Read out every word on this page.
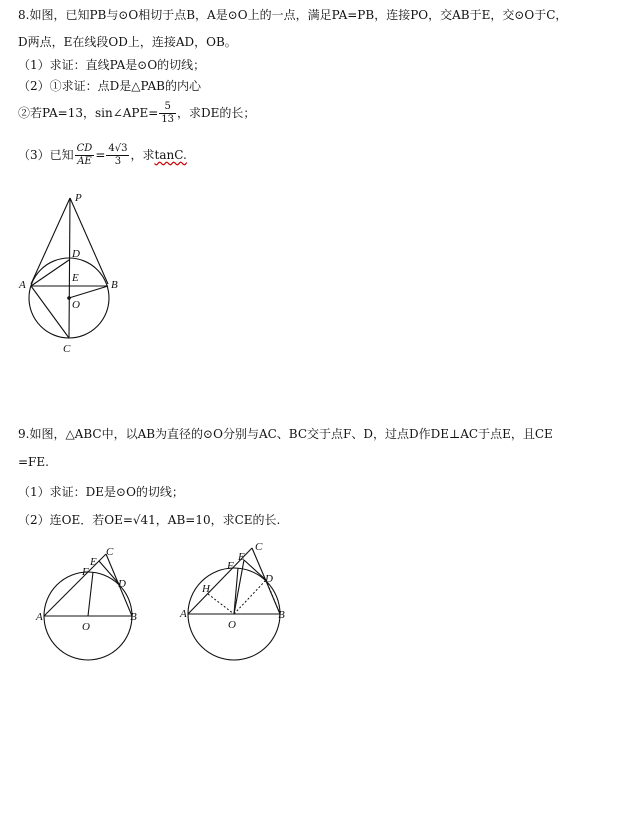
8.如图，已知PB与⊙O相切于点B，A是⊙O上的一点，满足PA=PB，连接PO，交AB于E，交⊙O于C，
D两点，E在线段OD上，连接AD，OB。
（1）求证：直线PA是⊙O的切线；
（2）①求证：点D是△PAB的内心
②若PA=13，sin∠APE= $\frac{5}{13}$ ，求DE的长；
（3）已知 $\frac{CD}{AE} = \frac{4√3}{3}$ ，求tanC.
P
D
E
A	B
O
C
9.如图，△ABC中，以AB为直径的⊙O分别与AC、BC交于点F、D，过点D作DE⊥AC于点E，且CE
=FE.
（1）求证：DE是⊙O的切线；
（2）连OE．若OE=√41，AB=10，求CE的长.
E
C
F
D
A
O
B
E
C
F
D
H
A
O
B
